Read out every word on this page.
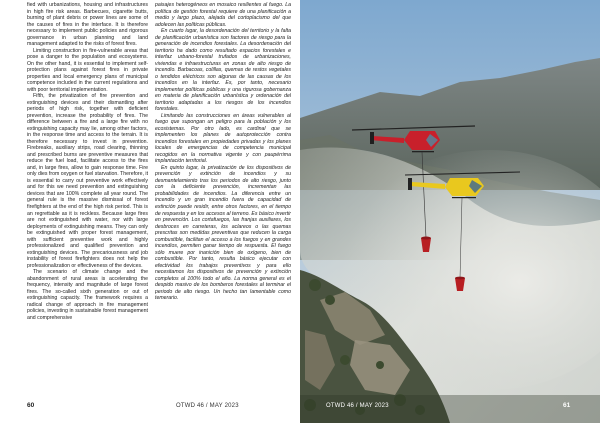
fied with urbanizations, housing and infrastructures in high fire risk areas. Barbecues, cigarette butts, burning of plant debris or power lines are some of the causes of fires in the interface. It is therefore necessary to implement public policies and rigorous governance in urban planning and land management adapted to the risks of forest fires.

Limiting construction in fire-vulnerable areas that pose a danger to the population and ecosystems. On the other hand, it is essential to implement self-protection plans against forest fires in private properties and local emergency plans of municipal competence included in the current regulations and with poor territorial implementation.

Fifth, the privatization of fire prevention and extinguishing devices and their dismantling after periods of high risk, together with deficient prevention, increase the probability of fires. The difference between a fire and a large fire with no extinguishing capacity may lie, among other factors, in the response time and access to the terrain. It is therefore necessary to invest in prevention. Firebreaks, auxiliary strips, road clearing, thinning and prescribed burns are preventive measures that reduce the fuel load, facilitate access to the fires and, in large fires, allow to gain response time. Fire only dies from oxygen or fuel starvation. Therefore, it is essential to carry out preventive work effectively and for this we need prevention and extinguishing devices that are 100% complete all year round. The general rule is the massive dismissal of forest firefighters at the end of the high risk period. This is an regrettable as it is reckless. Because large fires are not extinguished with water, nor with large deployments of extinguishing means. They can only be extinguished with proper forest management, with sufficient preventive work and highly professionalized and qualified prevention and extinguishing devices. The precariousness and job instability of forest firefighters does not help the professionalization or effectiveness of the devices.

The scenario of climate change and the abandonment of rural areas is accelerating the frequency, intensity and magnitude of large forest fires. The so-called sixth generation or out of extinguishing capacity. The framework requires a radical change of approach in fire management policies, investing in sustainable forest management and comprehensive

paisajes heterogéneos en mosaico resilientes al fuego. La política de gestión forestal requiere de una planificación a medio y largo plazo, alejada del cortoplacismo del que adolecen las políticas públicas.

En cuarto lugar, la desordenación del territorio y la falta de planificación urbanística son factores de riesgo para la generación de incendios forestales. La desordenación del territorio ha dado como resultado espacios forestales e interfaz urbano-forestal trufados de urbanizaciones, viviendas e infraestructuras en zonas de alto riesgo de incendio. Barbacoas, colillas, quemas de restos vegetales o tendidos eléctricos son algunas de las causas de los incendios en la interfaz. Es, por tanto, necesario implementar políticas públicas y una rigurosa gobernanza en materia de planificación urbanística y ordenación del territorio adaptadas a los riesgos de los incendios forestales.

Limitando las construcciones en áreas vulnerables al fuego que supongan un peligro para la población y los ecosistemas. Por otro lado, es cardinal que se implementen los planes de autoprotección contra incendios forestales en propiedades privadas y los planes locales de emergencias de competencia municipal recogidos en la normativa vigente y con paupérrima implantación territorial.

En quinto lugar, la privatización de los dispositivos de prevención y extinción de incendios y su desmantelamiento tras los periodos de alto riesgo, junto con la deficiente prevención, incrementan las probabilidades de incendios. La diferencia entre un incendio y un gran incendio fuera de capacidad de extinción puede residir, entre otros factores, en el tiempo de respuesta y en los accesos al terreno. Es básico invertir en prevención. Los cortafuegos, las franjas auxiliares, los desbroces en carreteras, los aclareos o las quemas prescritas son medidas preventivas que reducen la carga combustible, facilitan el acceso a los fuegos y en grandes incendios, permiten ganar tiempo de respuesta. El fuego sólo muere por inanición bien de oxígeno, bien de combustible. Por tanto, resulta básico ejecutar con efectividad los trabajos preventivos y para ello necesitamos los dispositivos de prevención y extinción completos al 100% todo el año. La norma general es el despido masivo de los bomberos forestales al terminar el periodo de alto riesgo. Un hecho tan lamentable como temerario.

60	OTWD 46 / MAY 2023	OTWD 46 / MAY 2023	61
